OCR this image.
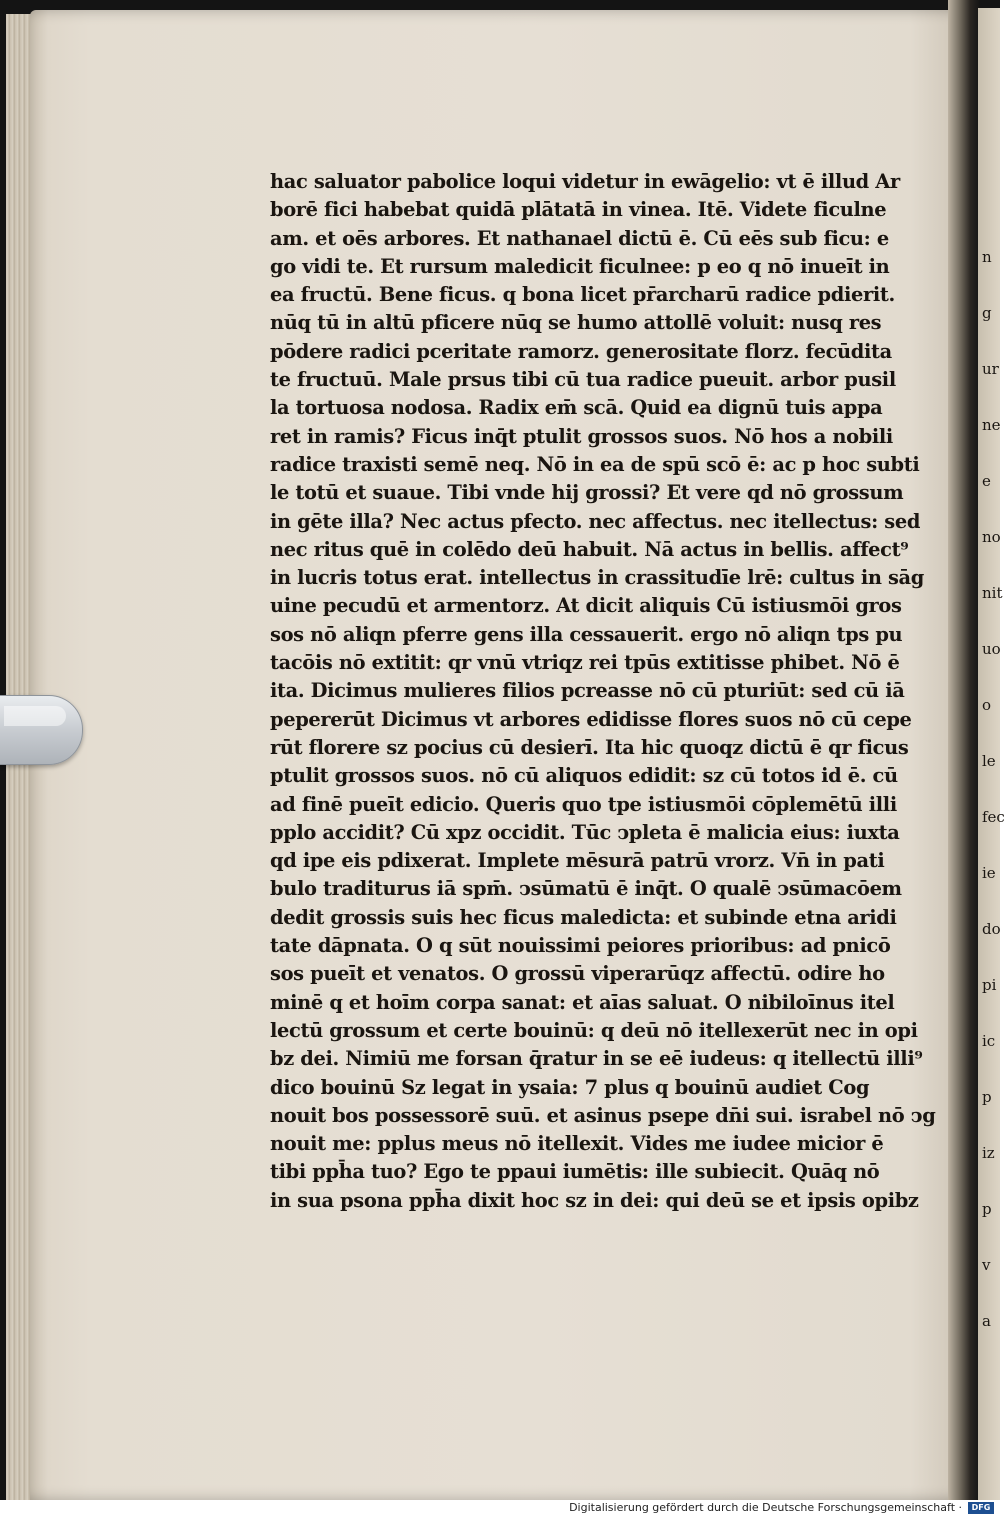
n
g
ur
ne
e
no
nit
uo
o
le
fec
ie
do
pi
ic
p
iz
p
v
a
hac saluator pabolice loqui videtur in ewāgelio: vt ē illud Ar
borē fici habebat quidā plātatā in vinea. Itē. Videte ficulne
am. et oēs arbores. Et nathanael dictū ē. Cū eēs sub ficu: e
go vidi te. Et rursum maledicit ficulnee: p eo q nō inueīt in
ea fructū. Bene ficus. q bona licet pr̄archarū radice pdierit.
nūq tū in altū pficere nūq se humo attollē voluit: nusq res
pōdere radici pceritate ramorz. generositate florz. fecūdita
te fructuū. Male prsus tibi cū tua radice pueuit. arbor pusil
la tortuosa nodosa. Radix em̄ scā. Quid ea dignū tuis appa
ret in ramis? Ficus inq̄t ptulit grossos suos. Nō hos a nobili
radice traxisti semē neq. Nō in ea de spū scō ē: ac p hoc subti
le totū et suaue. Tibi vnde hij grossi? Et vere qd nō grossum
in gēte illa? Nec actus pfecto. nec affectus. nec itellectus: sed
nec ritus quē in colēdo deū habuit. Nā actus in bellis. affect⁹
in lucris totus erat. intellectus in crassitudīe lrē: cultus in sāg
uine pecudū et armentorz. At dicit aliquis Cū istiusmōi gros
sos nō aliqn pferre gens illa cessauerit. ergo nō aliqn tps pu
tacōis nō extitit: qr vnū vtriqz rei tpūs extitisse phibet. Nō ē
ita. Dicimus mulieres filios pcreasse nō cū pturiūt: sed cū iā
pepererūt Dicimus vt arbores edidisse flores suos nō cū cepe
rūt florere sz pocius cū desierī. Ita hic quoqz dictū ē qr ficus
ptulit grossos suos. nō cū aliquos edidit: sz cū totos id ē. cū
ad finē pueīt edicio. Queris quo tpe istiusmōi cōplemētū illi
pplo accidit? Cū xpz occidit. Tūc ↄpleta ē malicia eius: iuxta
qd ipe eis pdixerat. Implete mēsurā patrū vrorz. Vn̄ in pati
bulo traditurus iā spm̄. ↄsūmatū ē inq̄t. O qualē ↄsūmacōem
dedit grossis suis hec ficus maledicta: et subinde etna aridi
tate dāpnata. O q sūt nouissimi peiores prioribus: ad pnicō
sos pueīt et venatos. O grossū viperarūqz affectū. odire ho
minē q et hoīm corpa sanat: et aīas saluat. O nibiloīnus itel
lectū grossum et certe bouinū: q deū nō itellexerūt nec in opi
bz dei. Nimiū me forsan q̄ratur in se eē iudeus: q itellectū illi⁹
dico bouinū Sz legat in ysaia: 7 plus q bouinū audiet Cog
nouit bos possessorē suū. et asinus psepe dn̄i sui. israbel nō ↄg
nouit me: pplus meus nō itellexit. Vides me iudee micior ē
tibi pph̄a tuo? Ego te ppaui iumētis: ille subiecit. Quāq nō
in sua psona pph̄a dixit hoc sz in dei: qui deū se et ipsis opibz
Digitalisierung gefördert durch die Deutsche Forschungsgemeinschaft ·	DFG
